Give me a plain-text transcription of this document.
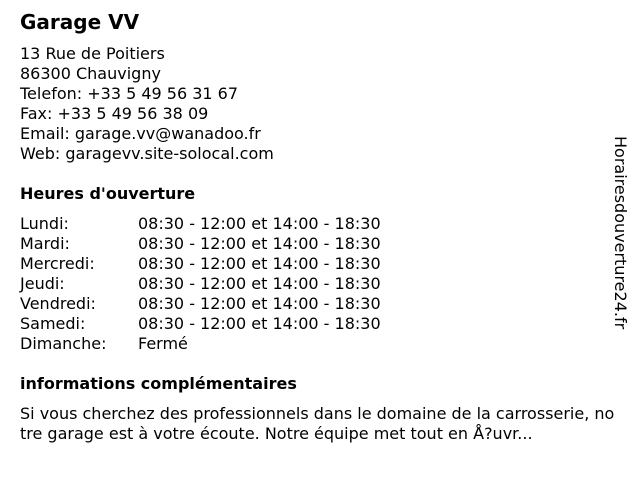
Garage VV
13 Rue de Poitiers
86300 Chauvigny
Telefon: +33 5 49 56 31 67
Fax: +33 5 49 56 38 09
Email: garage.vv@wanadoo.fr
Web: garagevv.site-solocal.com
Heures d'ouverture
Lundi:	08:30 - 12:00 et 14:00 - 18:30
Mardi:	08:30 - 12:00 et 14:00 - 18:30
Mercredi:	08:30 - 12:00 et 14:00 - 18:30
Jeudi:	08:30 - 12:00 et 14:00 - 18:30
Vendredi:	08:30 - 12:00 et 14:00 - 18:30
Samedi:	08:30 - 12:00 et 14:00 - 18:30
Dimanche: Fermé
informations complémentaires
Si vous cherchez des professionnels dans le domaine de la carrosserie, notre garage est à votre écoute. Notre équipe met tout en Å?uvr...
Horairesdouverture24.fr
